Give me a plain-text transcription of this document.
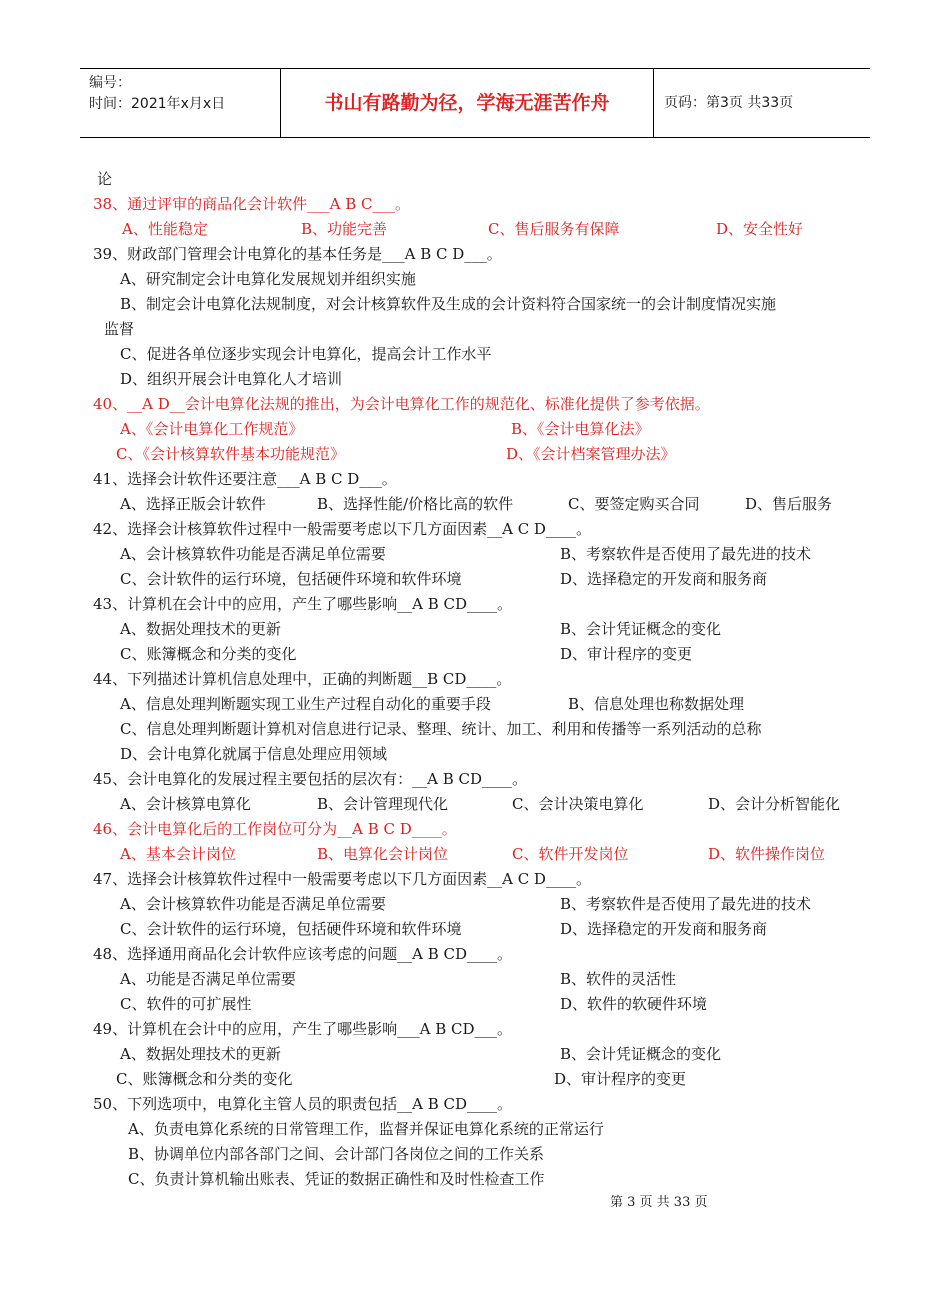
编号：
时间：2021年x月x日	书山有路勤为径，学海无涯苦作舟	页码：第3页 共33页
论
38、通过评审的商品化会计软件___A B C___。
A、性能稳定	B、功能完善	C、售后服务有保障	D、安全性好
39、财政部门管理会计电算化的基本任务是___A B C D___。
A、研究制定会计电算化发展规划并组织实施
B、制定会计电算化法规制度，对会计核算软件及生成的会计资料符合国家统一的会计制度情况实施
监督
C、促进各单位逐步实现会计电算化，提高会计工作水平
D、组织开展会计电算化人才培训
40、__A D__会计电算化法规的推出，为会计电算化工作的规范化、标准化提供了参考依据。
A、《会计电算化工作规范》	B、《会计电算化法》
C、《会计核算软件基本功能规范》	D、《会计档案管理办法》
41、选择会计软件还要注意___A B C D___。
A、选择正版会计软件	B、选择性能/价格比高的软件	C、要签定购买合同	D、售后服务
42、选择会计核算软件过程中一般需要考虑以下几方面因素__A C D____。
A、会计核算软件功能是否满足单位需要	B、考察软件是否使用了最先进的技术
C、会计软件的运行环境，包括硬件环境和软件环境	D、选择稳定的开发商和服务商
43、计算机在会计中的应用，产生了哪些影响__A B CD____。
A、数据处理技术的更新	B、会计凭证概念的变化
C、账簿概念和分类的变化	D、审计程序的变更
44、下列描述计算机信息处理中，正确的判断题__B CD____。
A、信息处理判断题实现工业生产过程自动化的重要手段	B、信息处理也称数据处理
C、信息处理判断题计算机对信息进行记录、整理、统计、加工、利用和传播等一系列活动的总称
D、会计电算化就属于信息处理应用领域
45、会计电算化的发展过程主要包括的层次有：__A B CD____。
A、会计核算电算化	B、会计管理现代化	C、会计决策电算化	D、会计分析智能化
46、会计电算化后的工作岗位可分为__A B C D____。
A、基本会计岗位	B、电算化会计岗位	C、软件开发岗位	D、软件操作岗位
47、选择会计核算软件过程中一般需要考虑以下几方面因素__A C D____。
A、会计核算软件功能是否满足单位需要	B、考察软件是否使用了最先进的技术
C、会计软件的运行环境，包括硬件环境和软件环境	D、选择稳定的开发商和服务商
48、选择通用商品化会计软件应该考虑的问题__A B CD____。
A、功能是否满足单位需要	B、软件的灵活性
C、软件的可扩展性	D、软件的软硬件环境
49、计算机在会计中的应用，产生了哪些影响___A B CD___。
A、数据处理技术的更新	B、会计凭证概念的变化
C、账簿概念和分类的变化	D、审计程序的变更
50、下列选项中，电算化主管人员的职责包括__A B CD____。
A、负责电算化系统的日常管理工作，监督并保证电算化系统的正常运行
B、协调单位内部各部门之间、会计部门各岗位之间的工作关系
C、负责计算机输出账表、凭证的数据正确性和及时性检查工作
第 3 页 共 33 页
